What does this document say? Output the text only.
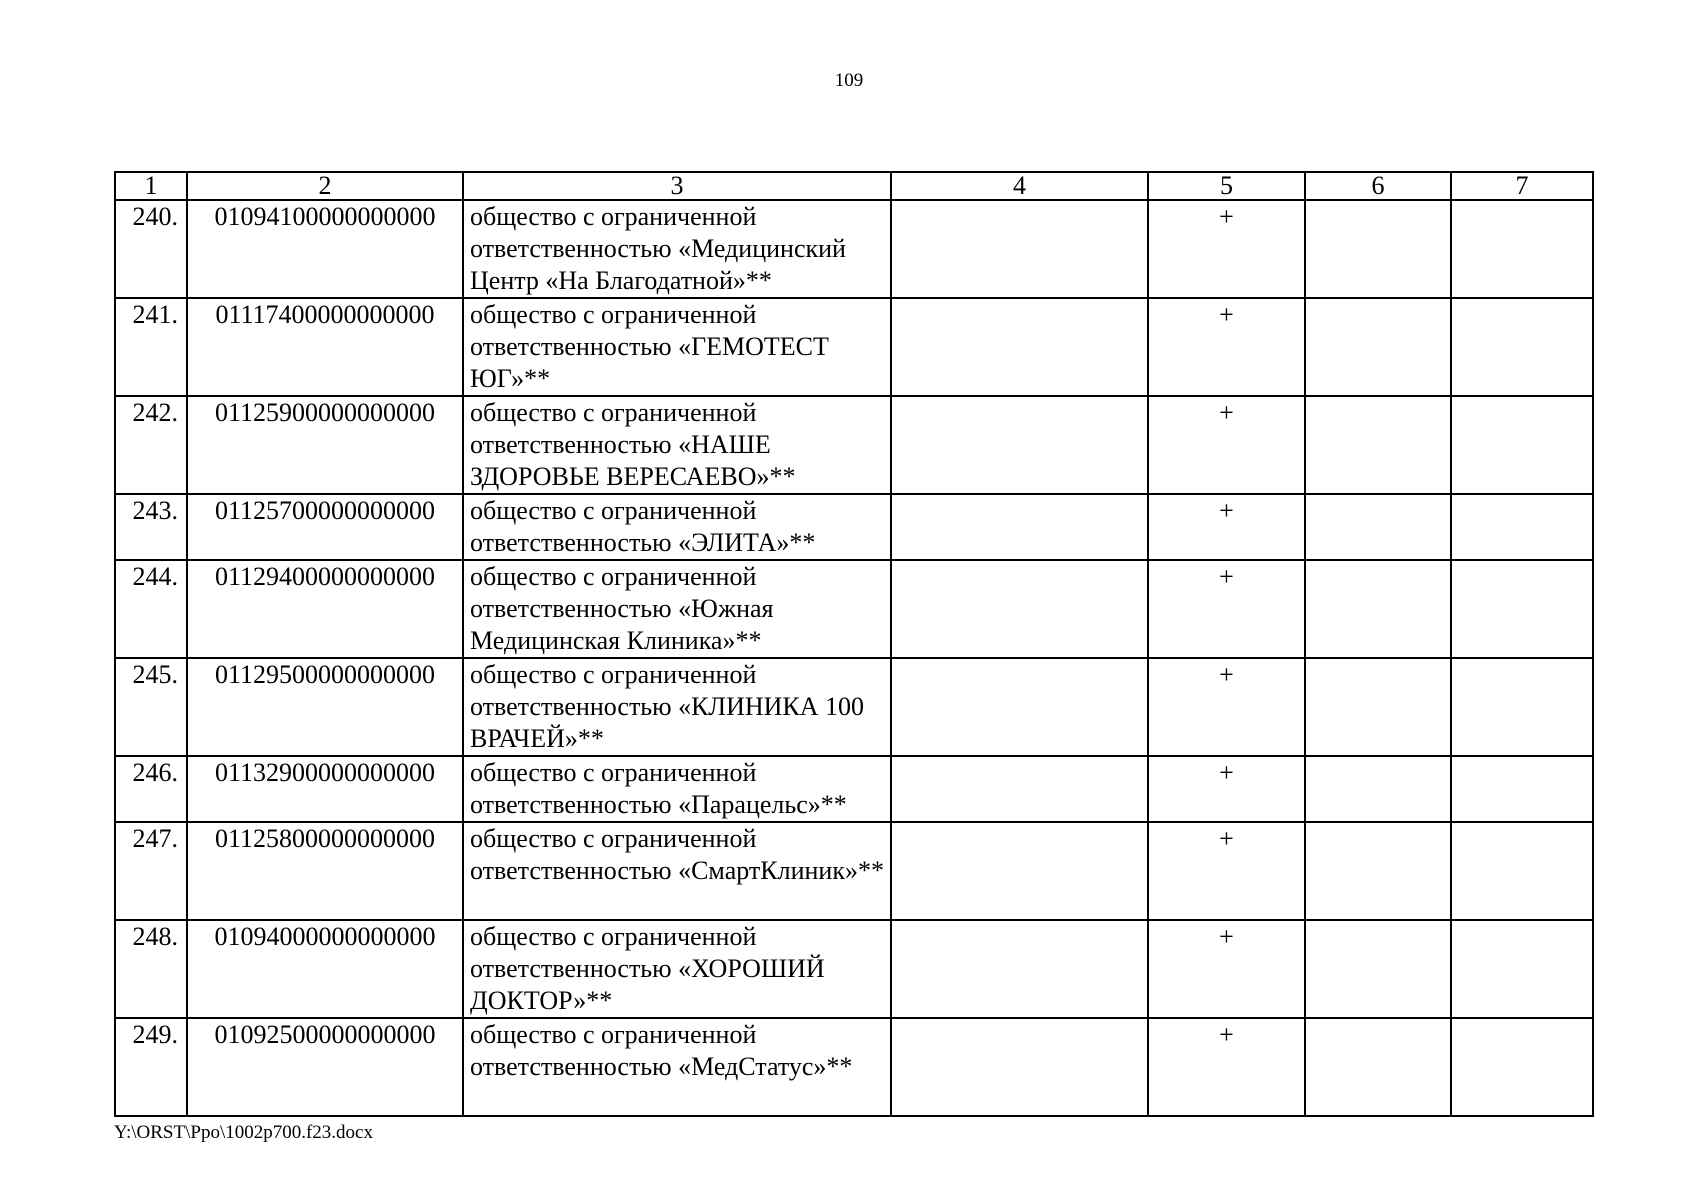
109
1	2	3	4	5	6	7
240.	01094100000000000	общество с ограниченной ответственностью «Медицинский Центр «На Благодатной»**		+		
241.	01117400000000000	общество с ограниченной ответственностью «ГЕМОТЕСТ ЮГ»**		+		
242.	01125900000000000	общество с ограниченной ответственностью «НАШЕ ЗДОРОВЬЕ ВЕРЕСАЕВО»**		+		
243.	01125700000000000	общество с ограниченной ответственностью «ЭЛИТА»**		+		
244.	01129400000000000	общество с ограниченной ответственностью «Южная Медицинская Клиника»**		+		
245.	01129500000000000	общество с ограниченной ответственностью «КЛИНИКА 100 ВРАЧЕЙ»**		+		
246.	01132900000000000	общество с ограниченной ответственностью «Парацельс»**		+		
247.	01125800000000000	общество с ограниченной ответственностью «СмартКлиник»**		+		
248.	01094000000000000	общество с ограниченной ответственностью «ХОРОШИЙ ДОКТОР»**		+		
249.	01092500000000000	общество с ограниченной ответственностью «МедСтатус»**		+		
Y:\ORST\Ppo\1002p700.f23.docx
